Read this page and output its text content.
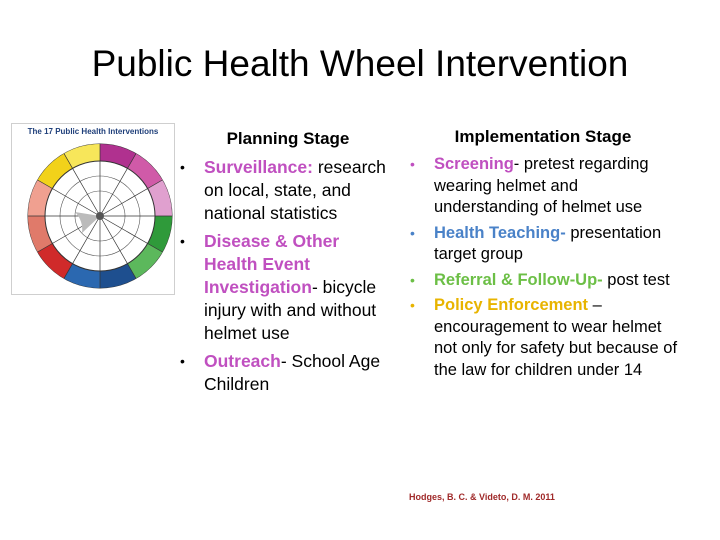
Public Health Wheel Intervention
The 17 Public Health Interventions	Planning Stage
• Surveillance: research on local, state, and national statistics
• Disease & Other Health Event Investigation- bicycle injury with and without helmet use
• Outreach- School Age Children
Implementation Stage
• Screening- pretest regarding wearing helmet and understanding of helmet use
• Health Teaching- presentation target group
• Referral & Follow-Up- post test
• Policy Enforcement – encouragement to wear helmet not only for safety but because of the law for children under 14
Hodges, B. C. & Videto, D. M. 2011
